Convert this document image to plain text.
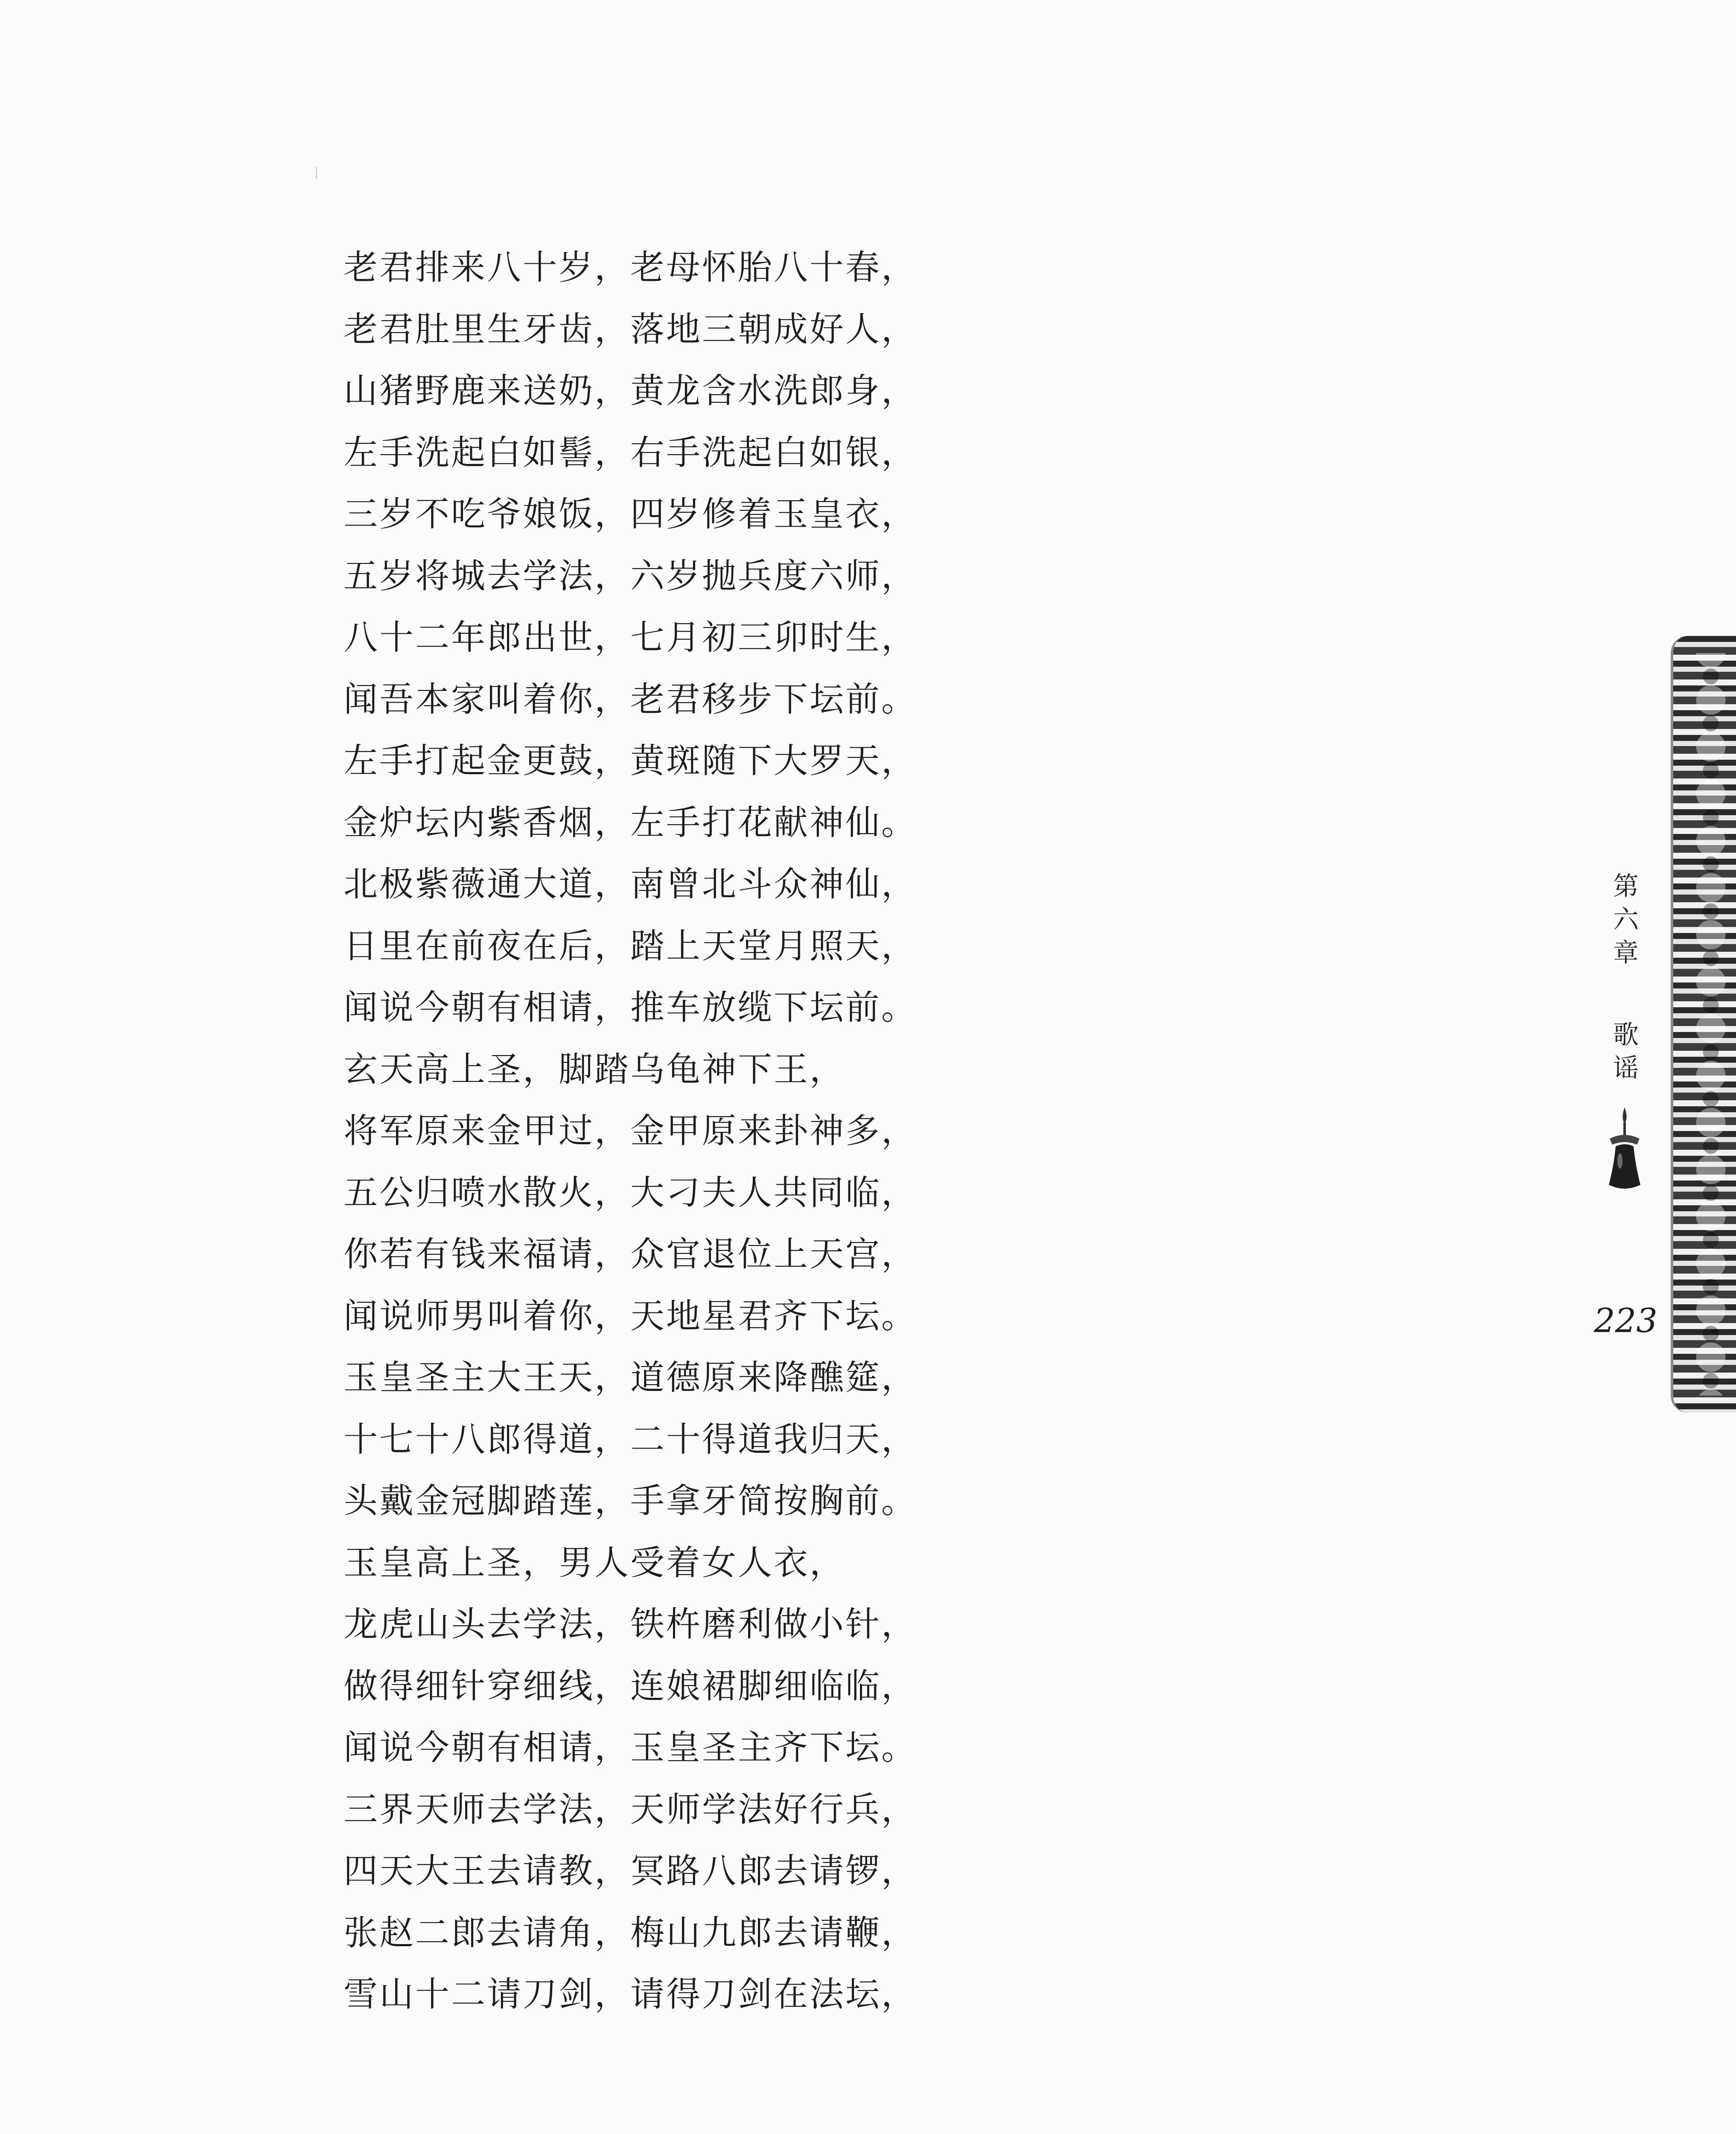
老君排来八十岁，老母怀胎八十春，
老君肚里生牙齿，落地三朝成好人，
山猪野鹿来送奶，黄龙含水洗郎身，
左手洗起白如髻，右手洗起白如银，
三岁不吃爷娘饭，四岁修着玉皇衣，
五岁将城去学法，六岁抛兵度六师，
八十二年郎出世，七月初三卯时生，
闻吾本家叫着你，老君移步下坛前。
左手打起金更鼓，黄斑随下大罗天，
金炉坛内紫香烟，左手打花献神仙。
北极紫薇通大道，南曾北斗众神仙，
日里在前夜在后，踏上天堂月照天，
闻说今朝有相请，推车放缆下坛前。
玄天高上圣，脚踏乌龟神下王，
将军原来金甲过，金甲原来卦神多，
五公归喷水散火，大刁夫人共同临，
你若有钱来福请，众官退位上天宫，
闻说师男叫着你，天地星君齐下坛。
玉皇圣主大王天，道德原来降醮筵，
十七十八郎得道，二十得道我归天，
头戴金冠脚踏莲，手拿牙简按胸前。
玉皇高上圣，男人受着女人衣，
龙虎山头去学法，铁杵磨利做小针，
做得细针穿细线，连娘裙脚细临临，
闻说今朝有相请，玉皇圣主齐下坛。
三界天师去学法，天师学法好行兵，
四天大王去请教，冥路八郎去请锣，
张赵二郎去请角，梅山九郎去请鞭，
雪山十二请刀剑，请得刀剑在法坛，

第
六
章

歌
谣

223
